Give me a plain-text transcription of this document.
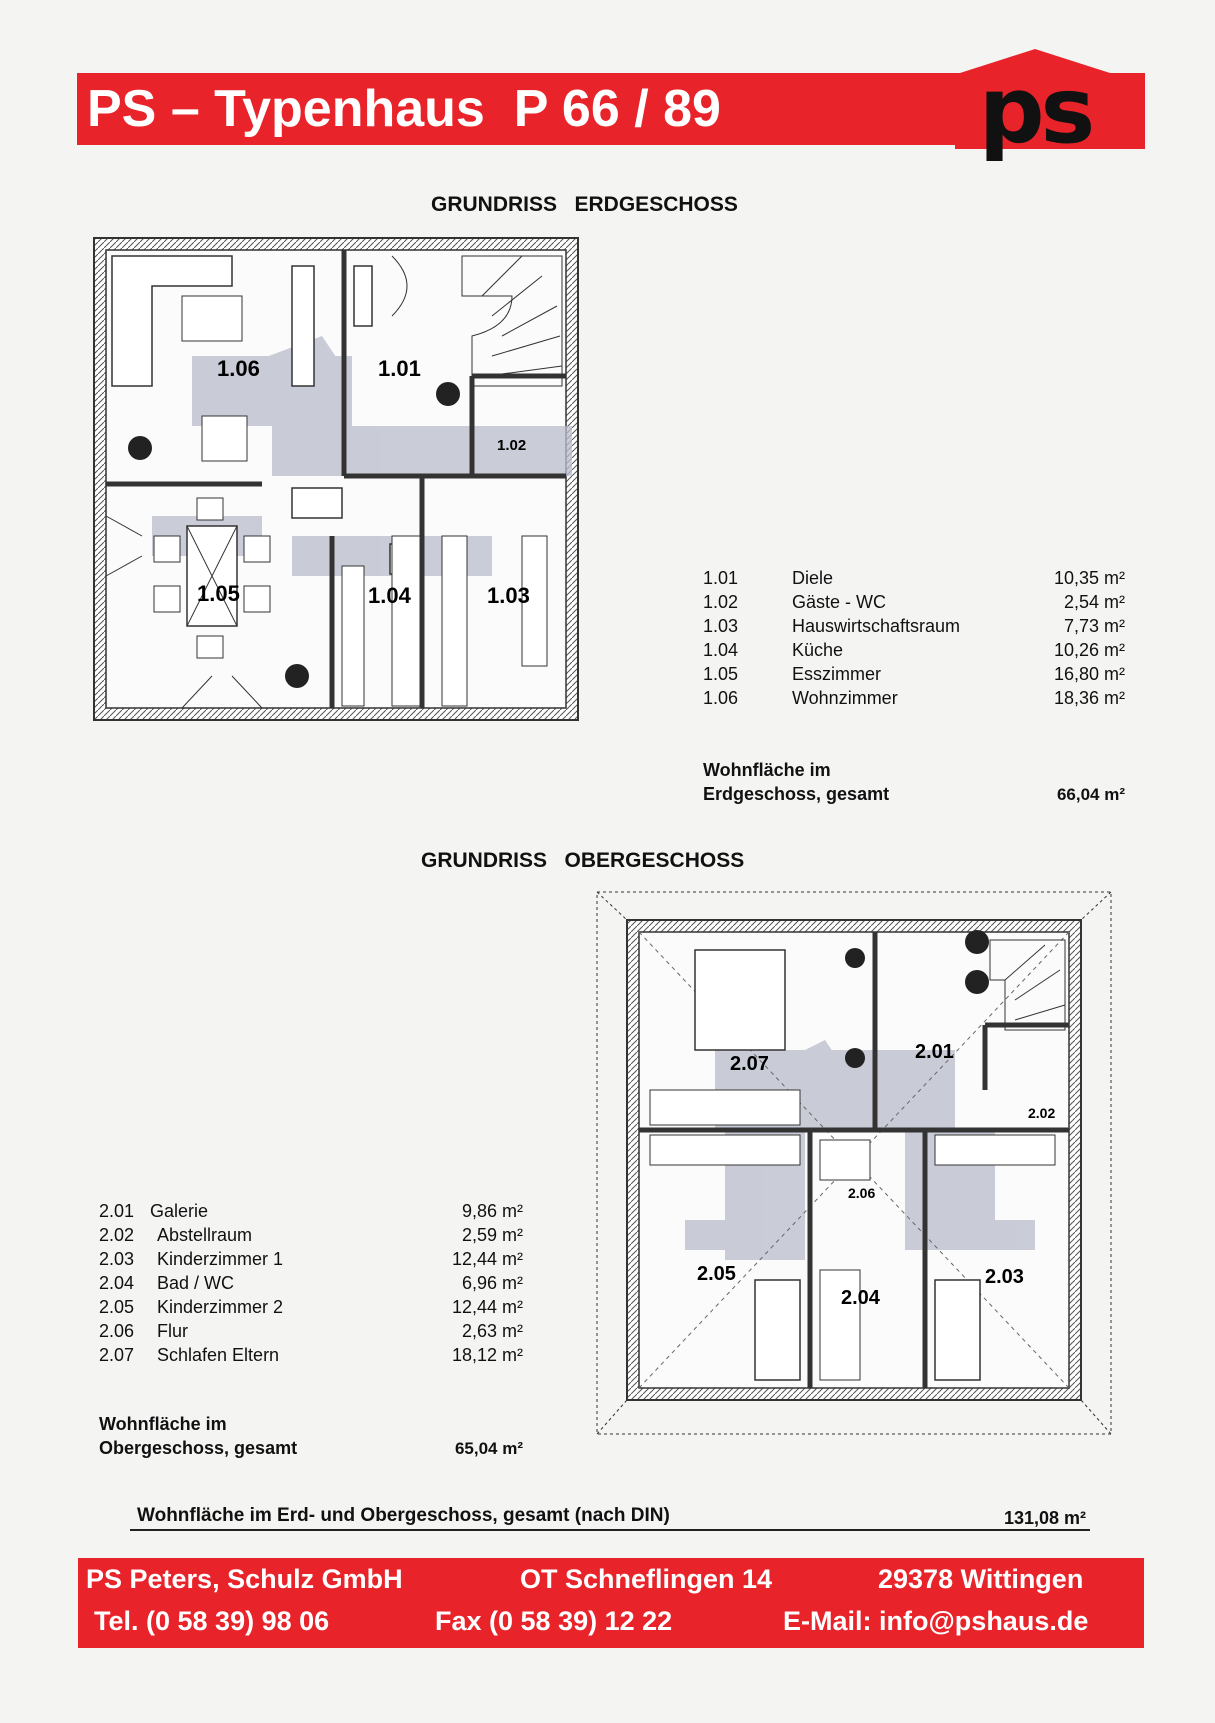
PS – Typenhaus  P 66 / 89	ps
GRUNDRISS   ERDGESCHOSS
1.06	1.01
1.02
1.05	1.04	1.03
1.01	Diele	10,35 m²
1.02	Gäste - WC	2,54 m²
1.03	Hauswirtschaftsraum	7,73 m²
1.04	Küche	10,26 m²
1.05	Esszimmer	16,80 m²
1.06	Wohnzimmer	18,36 m²
Wohnfläche im
Erdgeschoss, gesamt	66,04 m²
GRUNDRISS   OBERGESCHOSS
2.07
2.01
2.02
2.06
2.05
2.04
2.03
2.01 Galerie	9,86 m²
2.02 Abstellraum	2,59 m²
2.03 Kinderzimmer 1	12,44 m²
2.04 Bad / WC	6,96 m²
2.05 Kinderzimmer 2	12,44 m²
2.06 Flur	2,63 m²
2.07 Schlafen Eltern	18,12 m²
Wohnfläche im
Obergeschoss, gesamt	65,04 m²
Wohnfläche im Erd- und Obergeschoss, gesamt (nach DIN)	131,08 m²
PS Peters, Schulz GmbH	OT Schneflingen 14	29378 Wittingen
Tel. (0 58 39) 98 06	Fax (0 58 39) 12 22	E-Mail: info@pshaus.de
